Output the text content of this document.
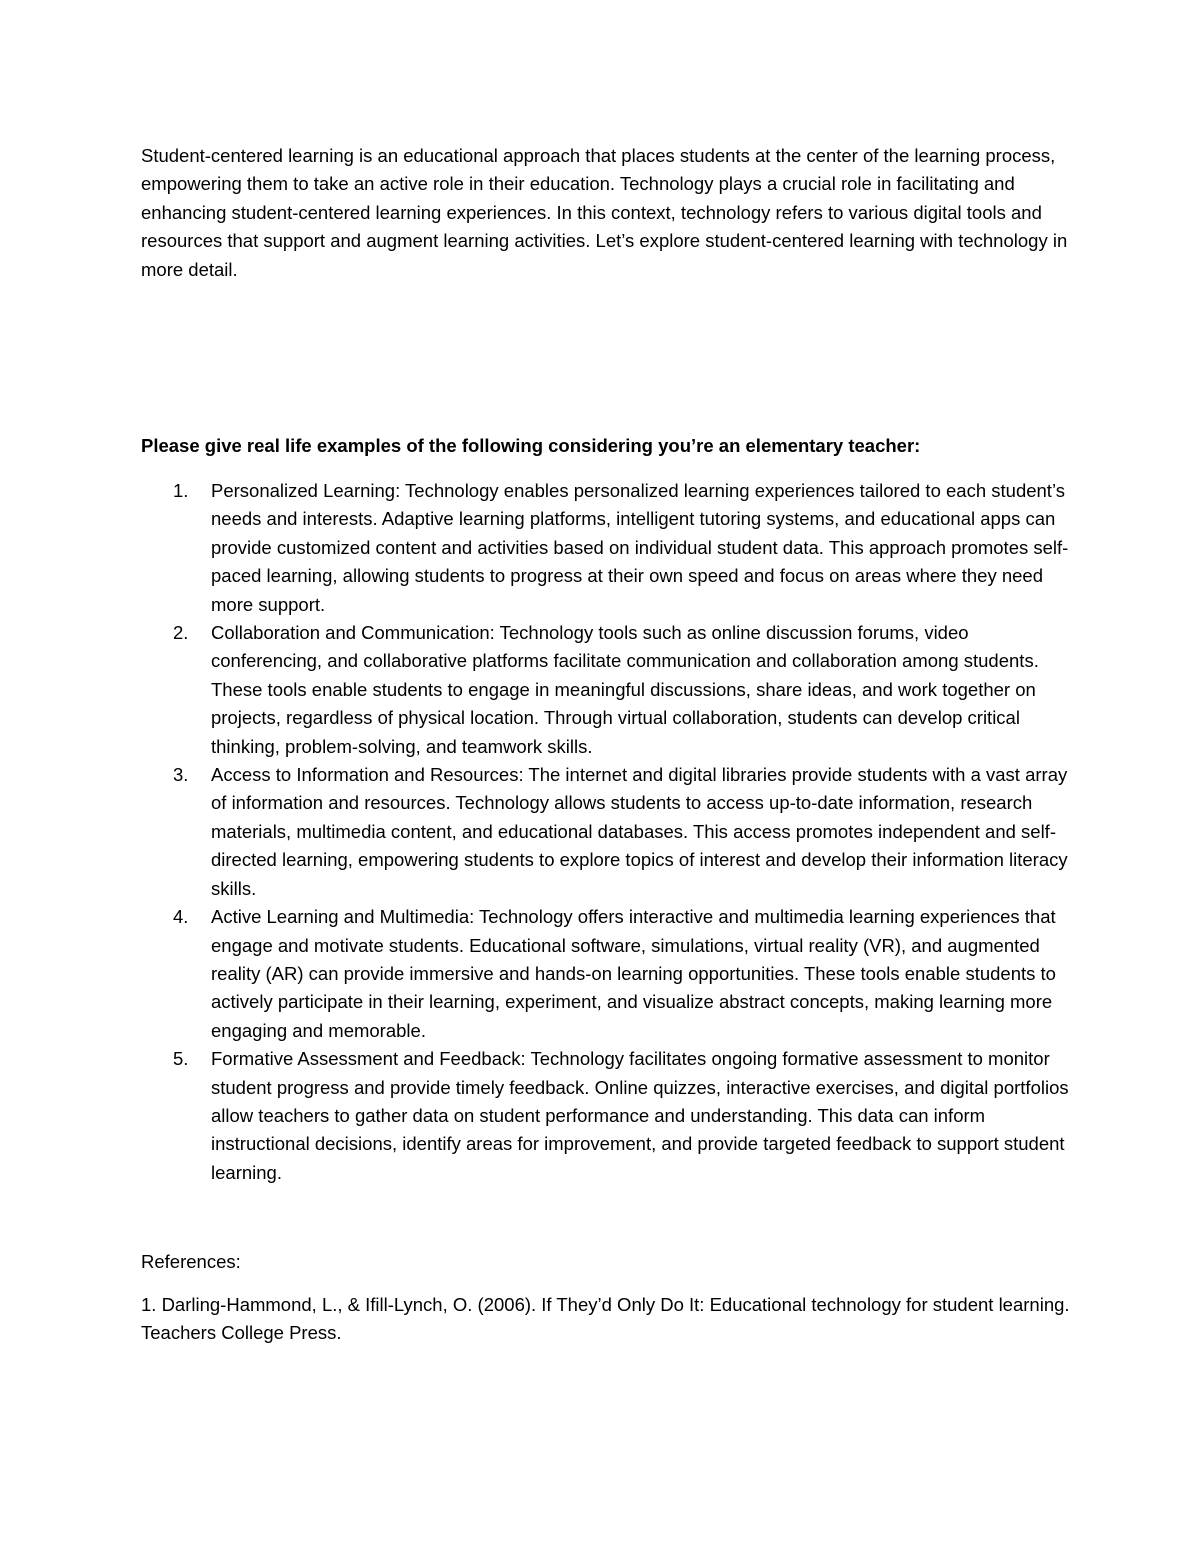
Student-centered learning is an educational approach that places students at the center of the learning process, empowering them to take an active role in their education. Technology plays a crucial role in facilitating and enhancing student-centered learning experiences. In this context, technology refers to various digital tools and resources that support and augment learning activities. Let’s explore student-centered learning with technology in more detail.

Please give real life examples of the following considering you’re an elementary teacher:

1. Personalized Learning: Technology enables personalized learning experiences tailored to each student’s needs and interests. Adaptive learning platforms, intelligent tutoring systems, and educational apps can provide customized content and activities based on individual student data. This approach promotes self-paced learning, allowing students to progress at their own speed and focus on areas where they need more support.
2. Collaboration and Communication: Technology tools such as online discussion forums, video conferencing, and collaborative platforms facilitate communication and collaboration among students. These tools enable students to engage in meaningful discussions, share ideas, and work together on projects, regardless of physical location. Through virtual collaboration, students can develop critical thinking, problem-solving, and teamwork skills.
3. Access to Information and Resources: The internet and digital libraries provide students with a vast array of information and resources. Technology allows students to access up-to-date information, research materials, multimedia content, and educational databases. This access promotes independent and self-directed learning, empowering students to explore topics of interest and develop their information literacy skills.
4. Active Learning and Multimedia: Technology offers interactive and multimedia learning experiences that engage and motivate students. Educational software, simulations, virtual reality (VR), and augmented reality (AR) can provide immersive and hands-on learning opportunities. These tools enable students to actively participate in their learning, experiment, and visualize abstract concepts, making learning more engaging and memorable.
5. Formative Assessment and Feedback: Technology facilitates ongoing formative assessment to monitor student progress and provide timely feedback. Online quizzes, interactive exercises, and digital portfolios allow teachers to gather data on student performance and understanding. This data can inform instructional decisions, identify areas for improvement, and provide targeted feedback to support student learning.

References:

1. Darling-Hammond, L., & Ifill-Lynch, O. (2006). If They’d Only Do It: Educational technology for student learning. Teachers College Press.
